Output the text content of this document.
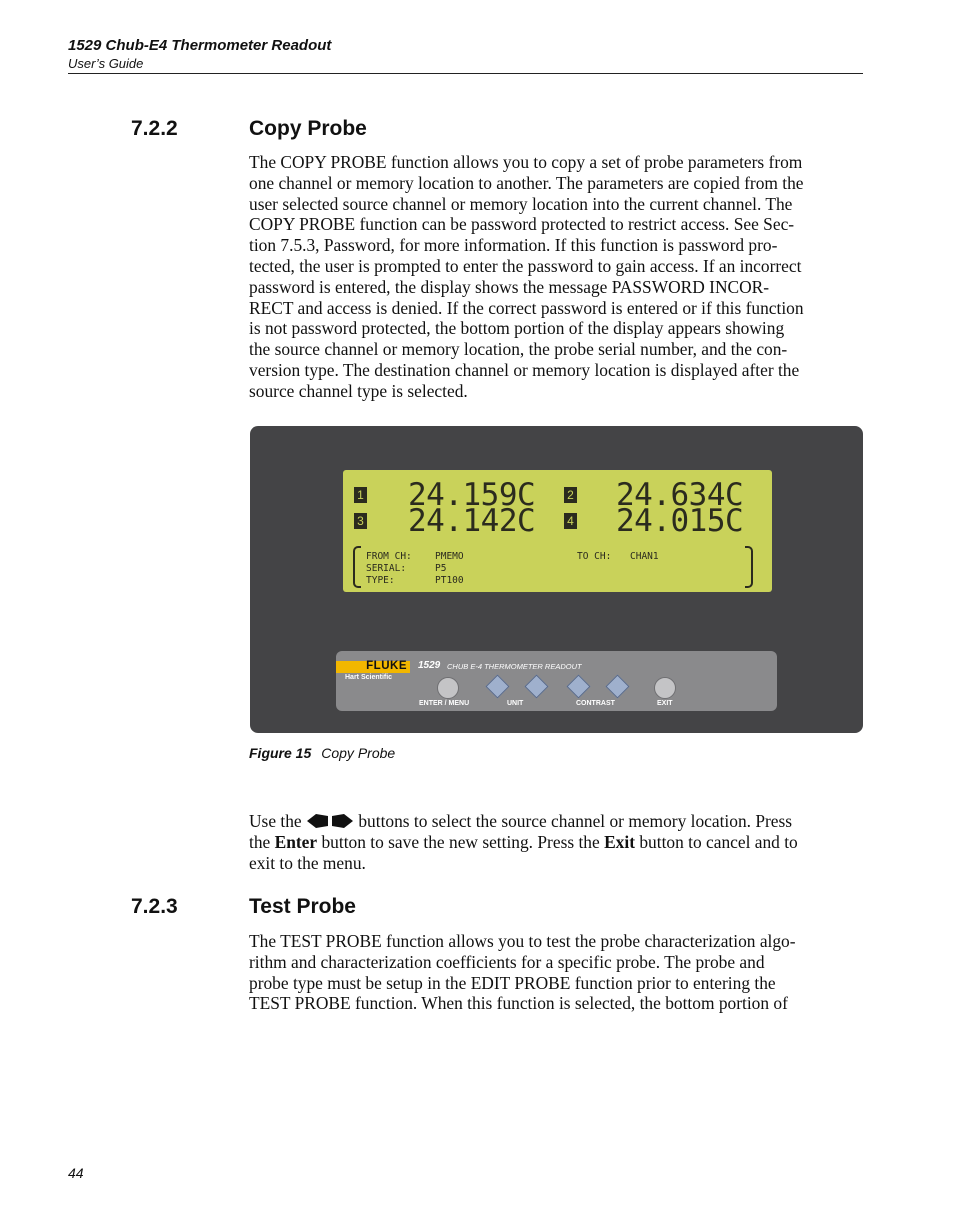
1529 Chub-E4 Thermometer Readout
User’s Guide
7.2.2	Copy Probe
The COPY PROBE function allows you to copy a set of probe parameters from
one channel or memory location to another. The parameters are copied from the
user selected source channel or memory location into the current channel. The
COPY PROBE function can be password protected to restrict access. See Sec-
tion 7.5.3, Password, for more information. If this function is password pro-
tected, the user is prompted to enter the password to gain access. If an incorrect
password is entered, the display shows the message PASSWORD INCOR-
RECT and access is denied. If the correct password is entered or if this function
is not password protected, the bottom portion of the display appears showing
the source channel or memory location, the probe serial number, and the con-
version type. The destination channel or memory location is displayed after the
source channel type is selected.
1 24.159C	2 24.634C
3 24.142C	4 24.015C
FROM CH: PMEMO	TO CH: CHAN1
SERIAL:	P5
TYPE:	PT100
FLUKE
Hart Scientific
1529 CHUB E-4 THERMOMETER READOUT
ENTER / MENU	UNIT	CONTRAST	EXIT
Figure 15 Copy Probe
Use the	buttons to select the source channel or memory location. Press
the Enter button to save the new setting. Press the Exit button to cancel and to
exit to the menu.
7.2.3	Test Probe
The TEST PROBE function allows you to test the probe characterization algo-
rithm and characterization coefficients for a specific probe. The probe and
probe type must be setup in the EDIT PROBE function prior to entering the
TEST PROBE function. When this function is selected, the bottom portion of
44
